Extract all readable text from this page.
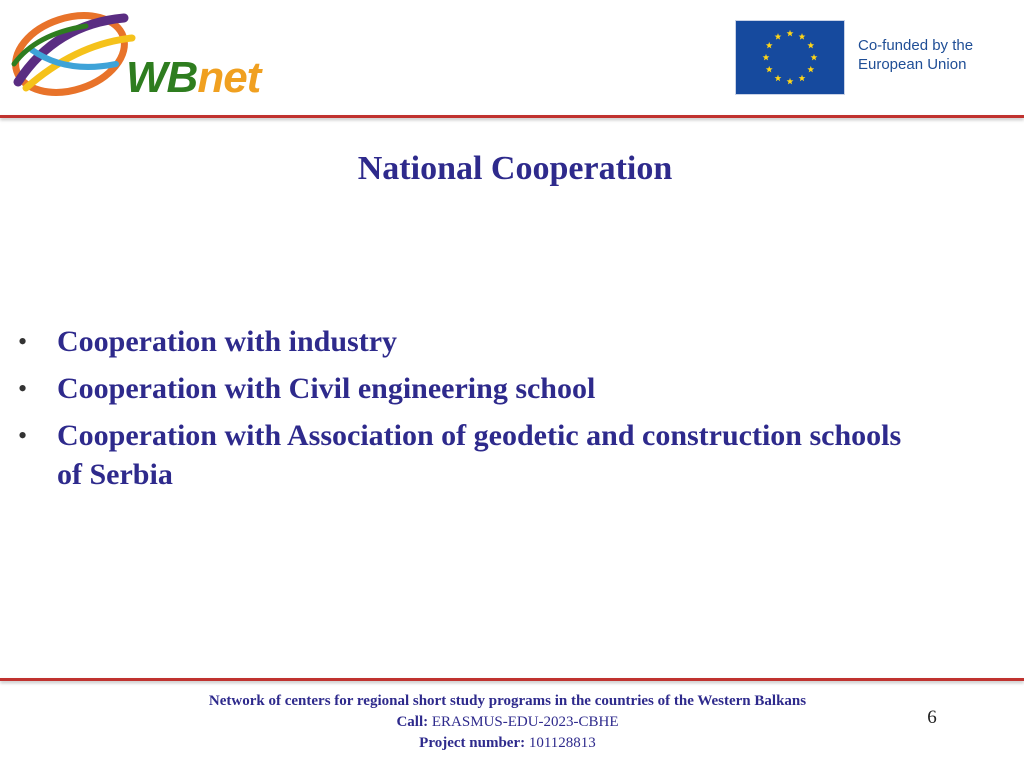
WBnet
Co-funded by the
European Union
National Cooperation
• Cooperation with industry
• Cooperation with Civil engineering school
• Cooperation with Association of geodetic and construction schools of Serbia
Network of centers for regional short study programs in the countries of the Western Balkans
Call: ERASMUS-EDU-2023-CBHE
Project number: 101128813
6
